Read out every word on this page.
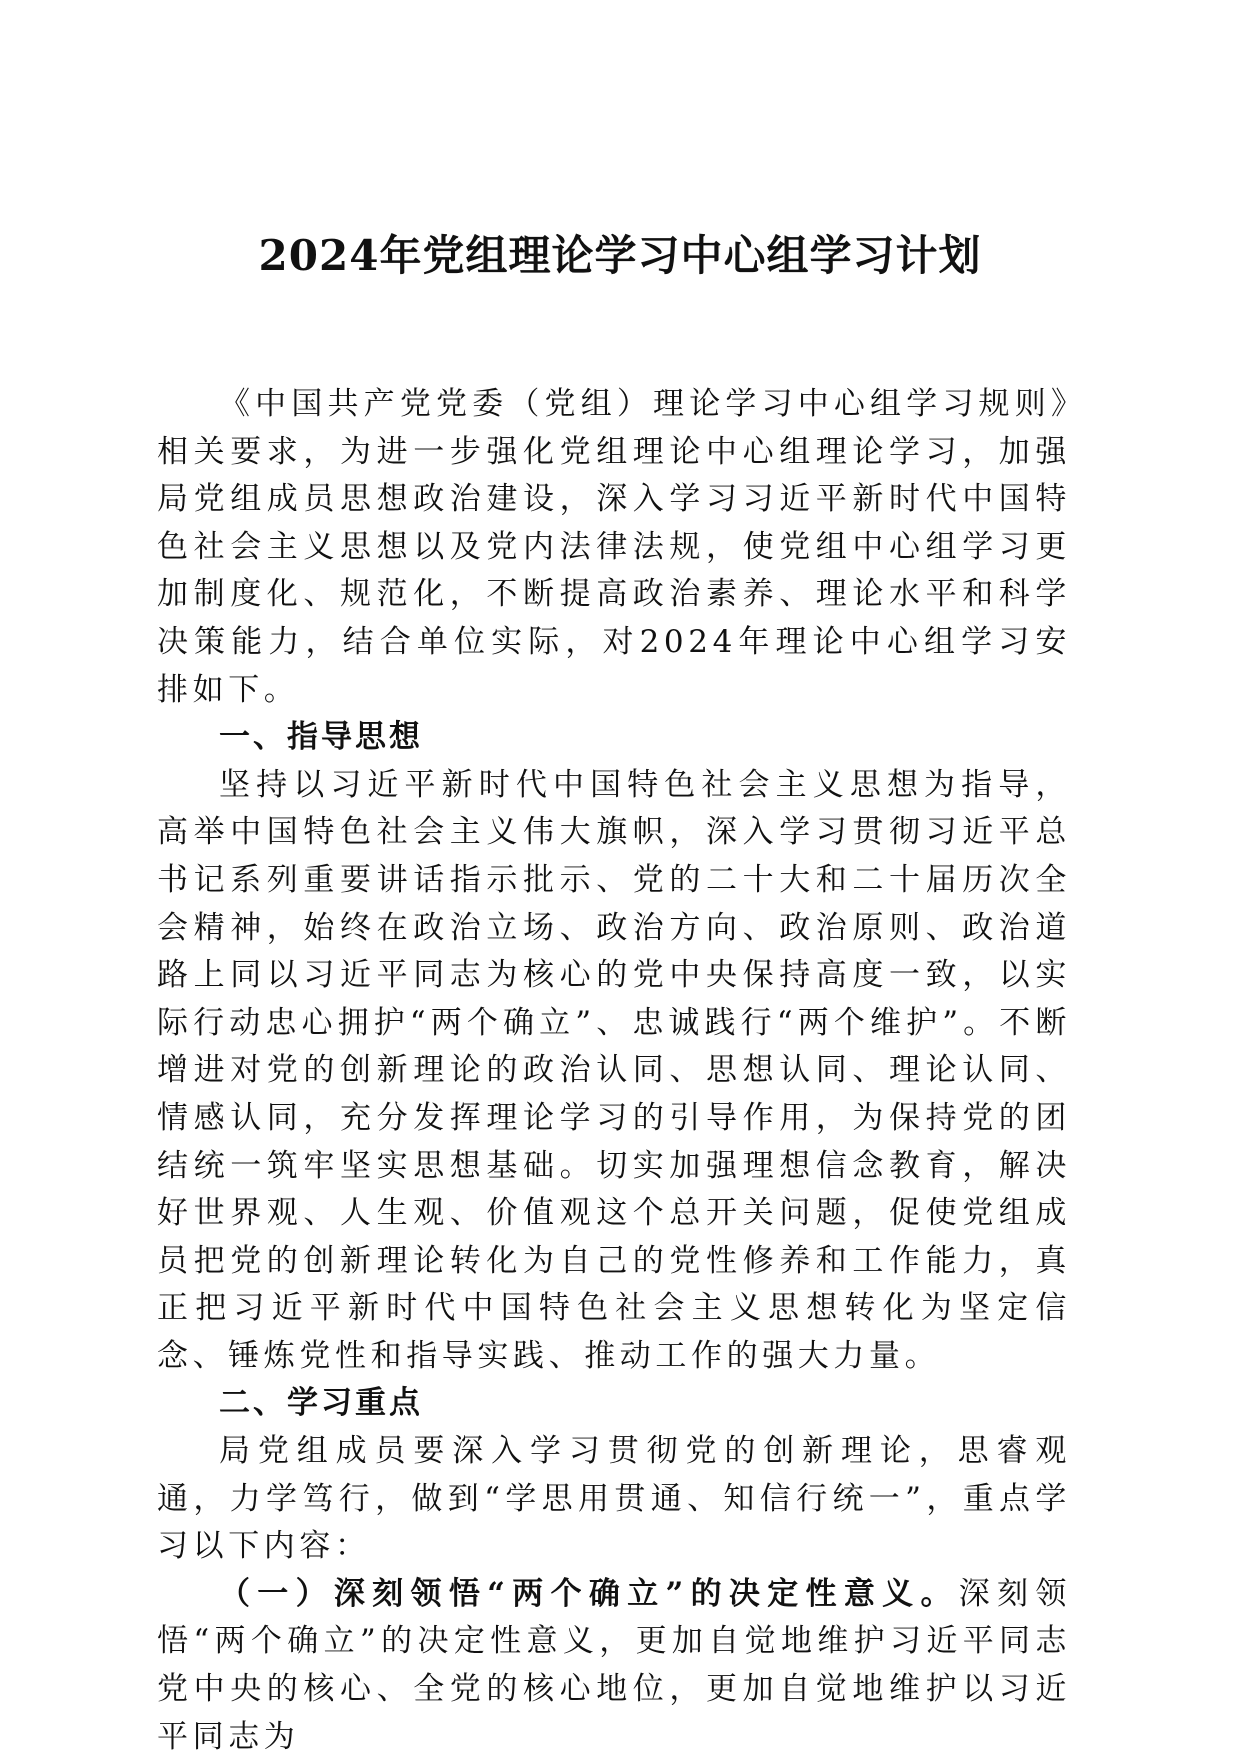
2024年党组理论学习中心组学习计划

《中国共产党党委（党组）理论学习中心组学习规则》相关要求，为进一步强化党组理论中心组理论学习，加强局党组成员思想政治建设，深入学习习近平新时代中国特色社会主义思想以及党内法律法规，使党组中心组学习更加制度化、规范化，不断提高政治素养、理论水平和科学决策能力，结合单位实际，对2024年理论中心组学习安排如下。

一、指导思想

坚持以习近平新时代中国特色社会主义思想为指导，高举中国特色社会主义伟大旗帜，深入学习贯彻习近平总书记系列重要讲话指示批示、党的二十大和二十届历次全会精神，始终在政治立场、政治方向、政治原则、政治道路上同以习近平同志为核心的党中央保持高度一致，以实际行动忠心拥护“两个确立”、忠诚践行“两个维护”。不断增进对党的创新理论的政治认同、思想认同、理论认同、情感认同，充分发挥理论学习的引导作用，为保持党的团结统一筑牢坚实思想基础。切实加强理想信念教育，解决好世界观、人生观、价值观这个总开关问题，促使党组成员把党的创新理论转化为自己的党性修养和工作能力，真正把习近平新时代中国特色社会主义思想转化为坚定信念、锤炼党性和指导实践、推动工作的强大力量。

二、学习重点

局党组成员要深入学习贯彻党的创新理论，思睿观通，力学笃行，做到“学思用贯通、知信行统一”，重点学习以下内容：

（一）深刻领悟“两个确立”的决定性意义。深刻领悟“两个确立”的决定性意义，更加自觉地维护习近平同志党中央的核心、全党的核心地位，更加自觉地维护以习近平同志为
